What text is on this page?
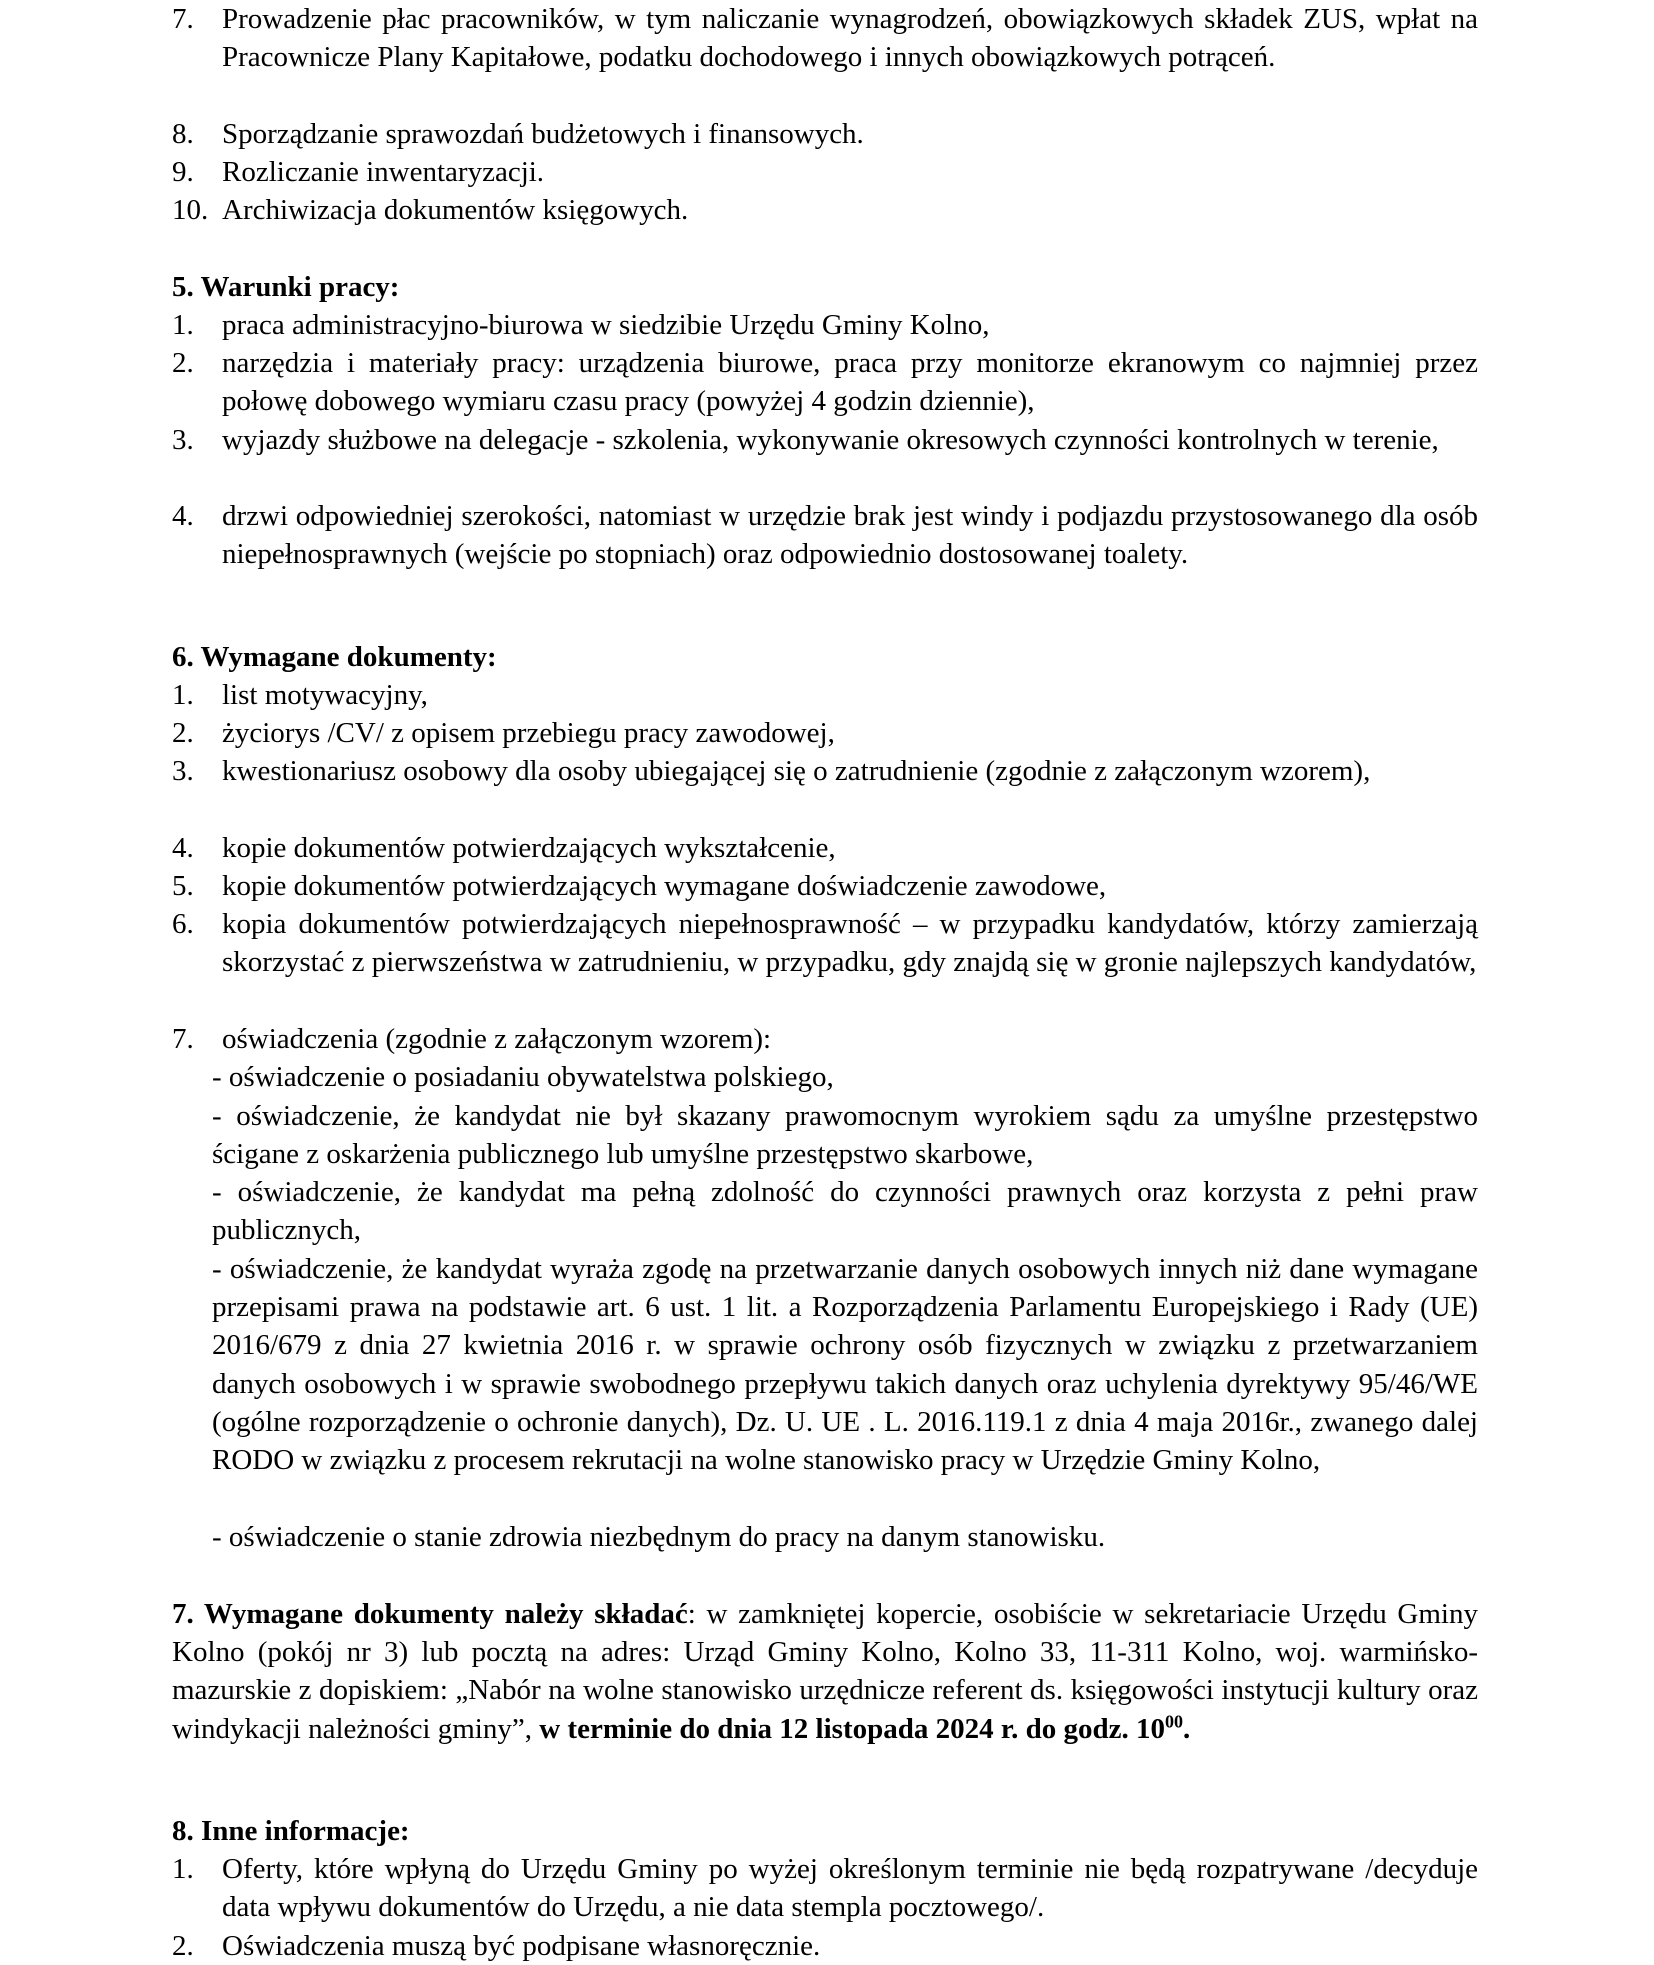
7. Prowadzenie płac pracowników, w tym naliczanie wynagrodzeń, obowiązkowych składek ZUS, wpłat na Pracownicze Plany Kapitałowe, podatku dochodowego i innych obowiązkowych potrąceń.
8. Sporządzanie sprawozdań budżetowych i finansowych.
9. Rozliczanie inwentaryzacji.
10. Archiwizacja dokumentów księgowych.
5. Warunki pracy:
1. praca administracyjno-biurowa w siedzibie Urzędu Gminy Kolno,
2. narzędzia i materiały pracy: urządzenia biurowe, praca przy monitorze ekranowym co najmniej przez połowę dobowego wymiaru czasu pracy (powyżej 4 godzin dziennie),
3. wyjazdy służbowe na delegacje - szkolenia, wykonywanie okresowych czynności kontrolnych w terenie,
4. drzwi odpowiedniej szerokości, natomiast w urzędzie brak jest windy i podjazdu przystosowanego dla osób niepełnosprawnych (wejście po stopniach) oraz odpowiednio dostosowanej toalety.
6. Wymagane dokumenty:
1. list motywacyjny,
2. życiorys /CV/ z opisem przebiegu pracy zawodowej,
3. kwestionariusz osobowy dla osoby ubiegającej się o zatrudnienie (zgodnie z załączonym wzorem),
4. kopie dokumentów potwierdzających wykształcenie,
5. kopie dokumentów potwierdzających wymagane doświadczenie zawodowe,
6. kopia dokumentów potwierdzających niepełnosprawność – w przypadku kandydatów, którzy zamierzają skorzystać z pierwszeństwa w zatrudnieniu, w przypadku, gdy znajdą się w gronie najlepszych kandydatów,
7. oświadczenia (zgodnie z załączonym wzorem):
- oświadczenie o posiadaniu obywatelstwa polskiego,
- oświadczenie, że kandydat nie był skazany prawomocnym wyrokiem sądu za umyślne przestępstwo ścigane z oskarżenia publicznego lub umyślne przestępstwo skarbowe,
- oświadczenie, że kandydat ma pełną zdolność do czynności prawnych oraz korzysta z pełni praw publicznych,
- oświadczenie, że kandydat wyraża zgodę na przetwarzanie danych osobowych innych niż dane wymagane przepisami prawa na podstawie art. 6 ust. 1 lit. a Rozporządzenia Parlamentu Europejskiego i Rady (UE) 2016/679 z dnia 27 kwietnia 2016 r. w sprawie ochrony osób fizycznych w związku z przetwarzaniem danych osobowych i w sprawie swobodnego przepływu takich danych oraz uchylenia dyrektywy 95/46/WE (ogólne rozporządzenie o ochronie danych), Dz. U. UE . L. 2016.119.1 z dnia 4 maja 2016r., zwanego dalej RODO w związku z procesem rekrutacji na wolne stanowisko pracy w Urzędzie Gminy Kolno,
- oświadczenie o stanie zdrowia niezbędnym do pracy na danym stanowisku.
7. Wymagane dokumenty należy składać: w zamkniętej kopercie, osobiście w sekretariacie Urzędu Gminy Kolno (pokój nr 3) lub pocztą na adres: Urząd Gminy Kolno, Kolno 33, 11-311 Kolno, woj. warmińsko-mazurskie z dopiskiem: „Nabór na wolne stanowisko urzędnicze referent ds. księgowości instytucji kultury oraz windykacji należności gminy”, w terminie do dnia 12 listopada 2024 r. do godz. $10^{00}$.
8. Inne informacje:
1. Oferty, które wpłyną do Urzędu Gminy po wyżej określonym terminie nie będą rozpatrywane /decyduje data wpływu dokumentów do Urzędu, a nie data stempla pocztowego/.
2. Oświadczenia muszą być podpisane własnoręcznie.
